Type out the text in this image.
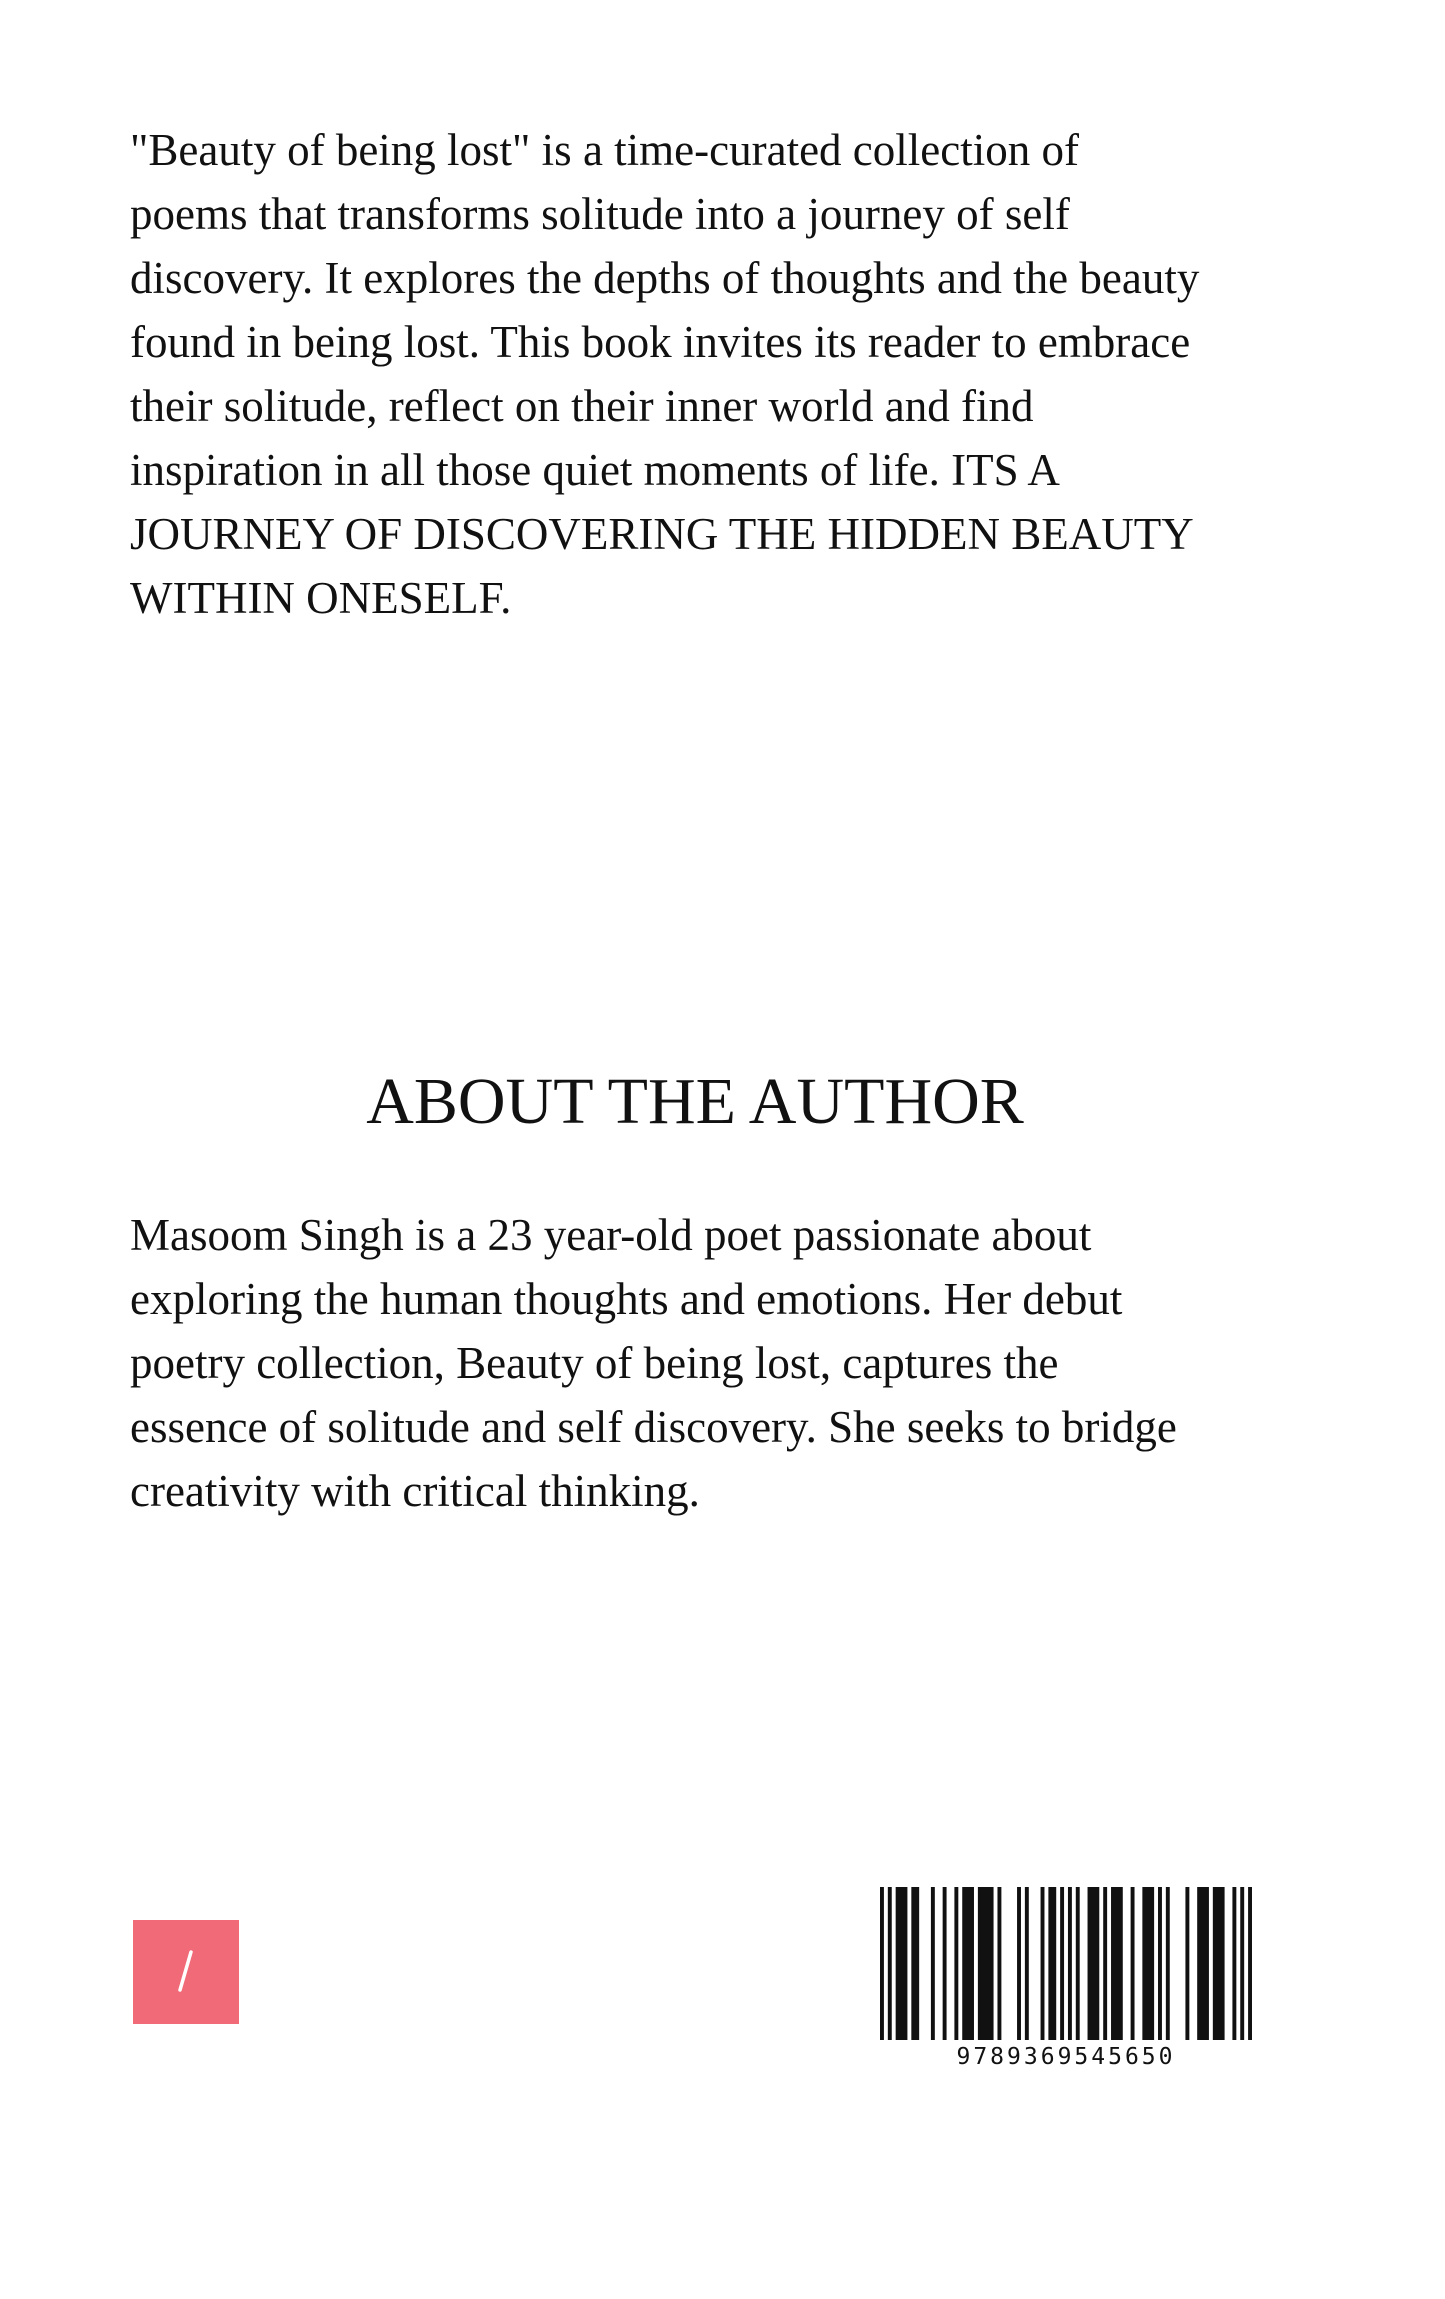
"Beauty of being lost" is a time-curated collection of
poems that transforms solitude into a journey of self
discovery. It explores the depths of thoughts and the beauty
found in being lost. This book invites its reader to embrace
their solitude, reflect on their inner world and find
inspiration in all those quiet moments of life. ITS A
JOURNEY OF DISCOVERING THE HIDDEN BEAUTY
WITHIN ONESELF.

ABOUT THE AUTHOR

Masoom Singh is a 23 year-old poet passionate about
exploring the human thoughts and emotions. Her debut
poetry collection, Beauty of being lost, captures the
essence of solitude and self discovery. She seeks to bridge
creativity with critical thinking.

9789369545650
